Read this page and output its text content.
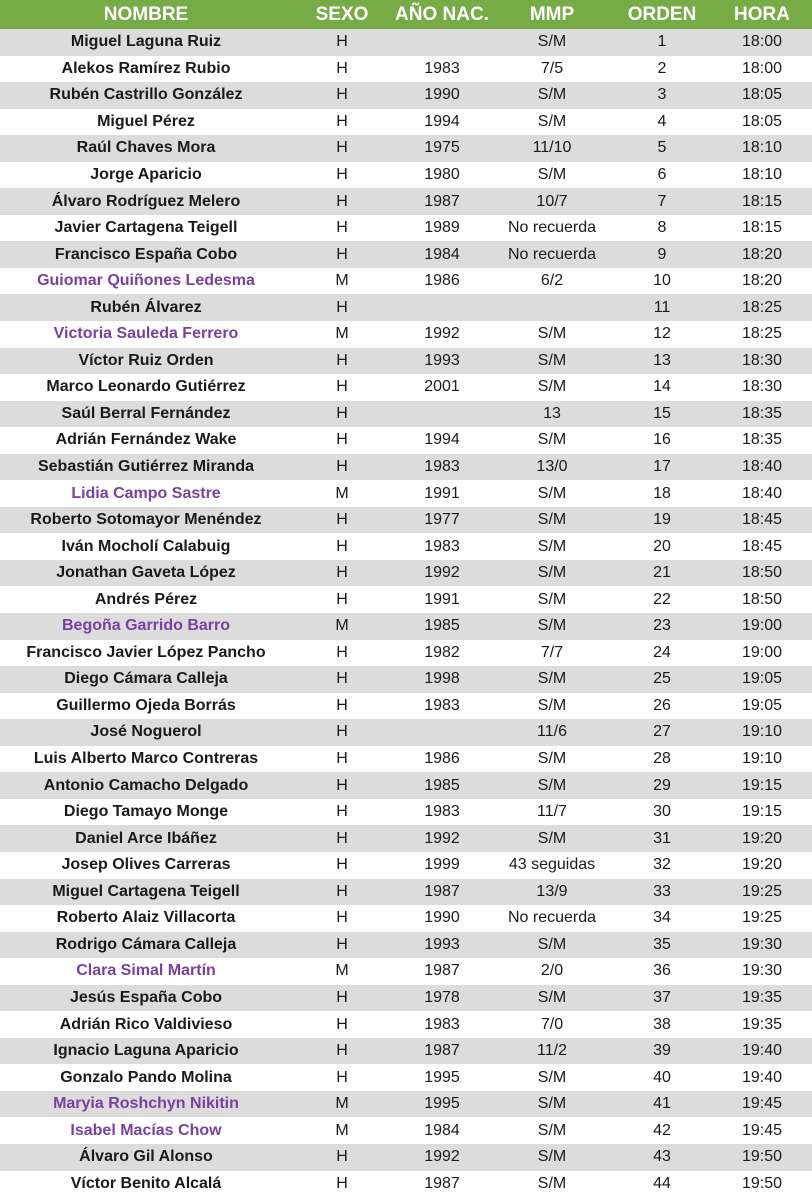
NOMBRE	SEXO	AÑO NAC.	MMP	ORDEN	HORA
Miguel Laguna Ruiz	H		S/M	1	18:00
Alekos Ramírez Rubio	H	1983	7/5	2	18:00
Rubén Castrillo González	H	1990	S/M	3	18:05
Miguel Pérez	H	1994	S/M	4	18:05
Raúl Chaves Mora	H	1975	11/10	5	18:10
Jorge Aparicio	H	1980	S/M	6	18:10
Álvaro Rodríguez Melero	H	1987	10/7	7	18:15
Javier Cartagena Teigell	H	1989	No recuerda	8	18:15
Francisco España Cobo	H	1984	No recuerda	9	18:20
Guiomar Quiñones Ledesma	M	1986	6/2	10	18:20
Rubén Álvarez	H			11	18:25
Victoria Sauleda Ferrero	M	1992	S/M	12	18:25
Víctor Ruiz Orden	H	1993	S/M	13	18:30
Marco Leonardo Gutiérrez	H	2001	S/M	14	18:30
Saúl Berral Fernández	H		13	15	18:35
Adrián Fernández Wake	H	1994	S/M	16	18:35
Sebastián Gutiérrez Miranda	H	1983	13/0	17	18:40
Lidia Campo Sastre	M	1991	S/M	18	18:40
Roberto Sotomayor Menéndez	H	1977	S/M	19	18:45
Iván Mocholí Calabuig	H	1983	S/M	20	18:45
Jonathan Gaveta López	H	1992	S/M	21	18:50
Andrés Pérez	H	1991	S/M	22	18:50
Begoña Garrido Barro	M	1985	S/M	23	19:00
Francisco Javier López Pancho	H	1982	7/7	24	19:00
Diego Cámara Calleja	H	1998	S/M	25	19:05
Guillermo Ojeda Borrás	H	1983	S/M	26	19:05
José Noguerol	H		11/6	27	19:10
Luis Alberto Marco Contreras	H	1986	S/M	28	19:10
Antonio Camacho Delgado	H	1985	S/M	29	19:15
Diego Tamayo Monge	H	1983	11/7	30	19:15
Daniel Arce Ibáñez	H	1992	S/M	31	19:20
Josep Olives Carreras	H	1999	43 seguidas	32	19:20
Miguel Cartagena Teigell	H	1987	13/9	33	19:25
Roberto Alaiz Villacorta	H	1990	No recuerda	34	19:25
Rodrigo Cámara Calleja	H	1993	S/M	35	19:30
Clara Simal Martín	M	1987	2/0	36	19:30
Jesús España Cobo	H	1978	S/M	37	19:35
Adrián Rico Valdivieso	H	1983	7/0	38	19:35
Ignacio Laguna Aparicio	H	1987	11/2	39	19:40
Gonzalo Pando Molina	H	1995	S/M	40	19:40
Maryia Roshchyn Nikitin	M	1995	S/M	41	19:45
Isabel Macías Chow	M	1984	S/M	42	19:45
Álvaro Gil Alonso	H	1992	S/M	43	19:50
Víctor Benito Alcalá	H	1987	S/M	44	19:50
